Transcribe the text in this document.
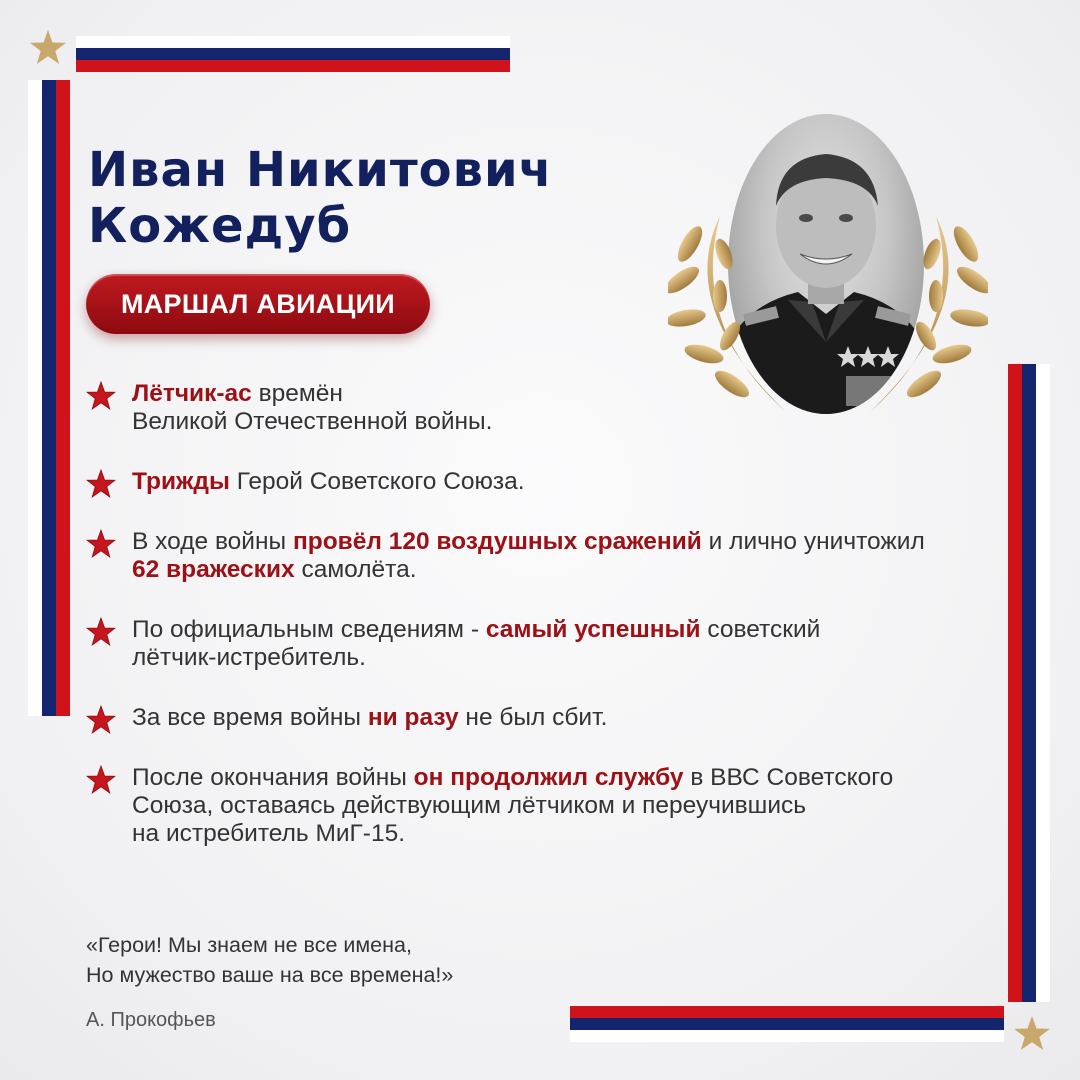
Иван Никитович
Кожедуб
МАРШАЛ АВИАЦИИ
Лётчик-ас времён
Великой Отечественной войны.
Трижды Герой Советского Союза.
В ходе войны провёл 120 воздушных сражений и лично уничтожил
62 вражеских самолёта.
По официальным сведениям - самый успешный советский
лётчик-истребитель.
За все время войны ни разу не был сбит.
После окончания войны он продолжил службу в ВВС Советского
Союза, оставаясь действующим лётчиком и переучившись
на истребитель МиГ-15.
«Герои! Мы знаем не все имена,
Но мужество ваше на все времена!»
А. Прокофьев
